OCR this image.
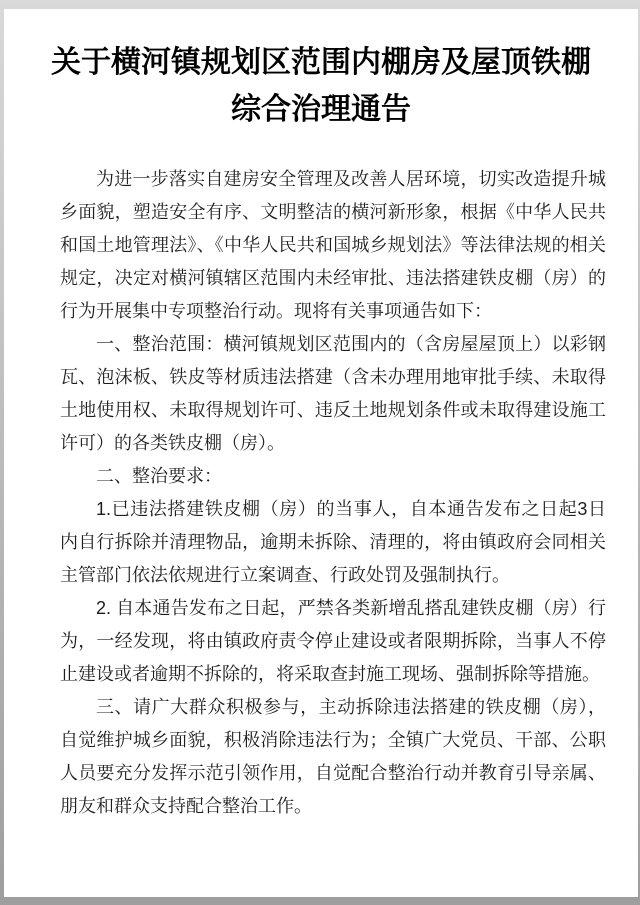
关于横河镇规划区范围内棚房及屋顶铁棚
综合治理通告

为进一步落实自建房安全管理及改善人居环境，切实改造提升城乡面貌，塑造安全有序、文明整洁的横河新形象，根据《中华人民共和国土地管理法》、《中华人民共和国城乡规划法》等法律法规的相关规定，决定对横河镇辖区范围内未经审批、违法搭建铁皮棚（房）的行为开展集中专项整治行动。现将有关事项通告如下：

一、整治范围：横河镇规划区范围内的（含房屋屋顶上）以彩钢瓦、泡沫板、铁皮等材质违法搭建（含未办理用地审批手续、未取得土地使用权、未取得规划许可、违反土地规划条件或未取得建设施工许可）的各类铁皮棚（房）。

二、整治要求：

1.已违法搭建铁皮棚（房）的当事人，自本通告发布之日起3日内自行拆除并清理物品，逾期未拆除、清理的，将由镇政府会同相关主管部门依法依规进行立案调查、行政处罚及强制执行。

2. 自本通告发布之日起，严禁各类新增乱搭乱建铁皮棚（房）行为，一经发现，将由镇政府责令停止建设或者限期拆除，当事人不停止建设或者逾期不拆除的，将采取查封施工现场、强制拆除等措施。

三、请广大群众积极参与，主动拆除违法搭建的铁皮棚（房），自觉维护城乡面貌，积极消除违法行为；全镇广大党员、干部、公职人员要充分发挥示范引领作用，自觉配合整治行动并教育引导亲属、朋友和群众支持配合整治工作。
